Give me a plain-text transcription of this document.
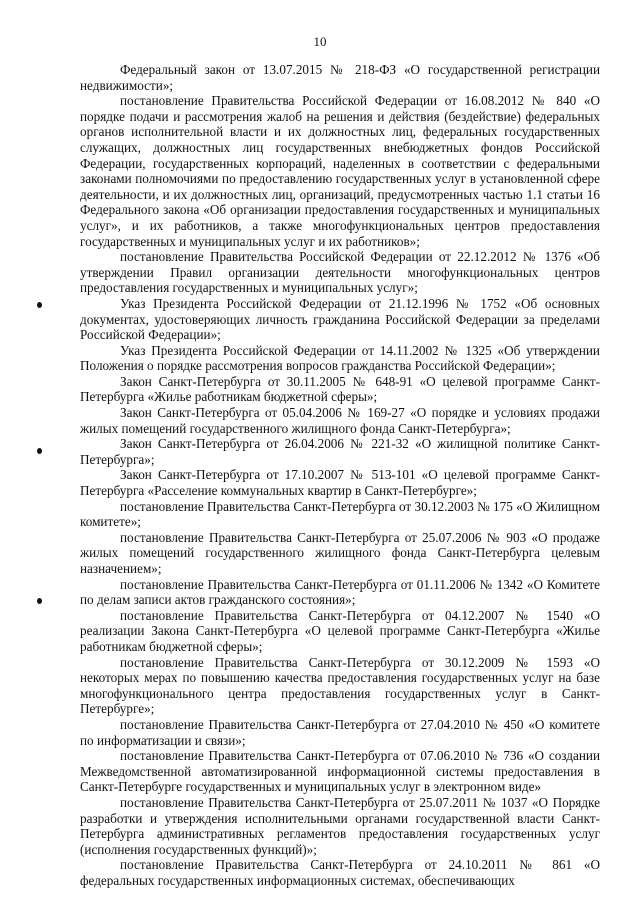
10

Федеральный закон от 13.07.2015 № 218-ФЗ «О государственной регистрации недвижимости»;

постановление Правительства Российской Федерации от 16.08.2012 № 840 «О порядке подачи и рассмотрения жалоб на решения и действия (бездействие) федеральных органов исполнительной власти и их должностных лиц, федеральных государственных служащих, должностных лиц государственных внебюджетных фондов Российской Федерации, государственных корпораций, наделенных в соответствии с федеральными законами полномочиями по предоставлению государственных услуг в установленной сфере деятельности, и их должностных лиц, организаций, предусмотренных частью 1.1 статьи 16 Федерального закона «Об организации предоставления государственных и муниципальных услуг», и их работников, а также многофункциональных центров предоставления государственных и муниципальных услуг и их работников»;

постановление Правительства Российской Федерации от 22.12.2012 № 1376 «Об утверждении Правил организации деятельности многофункциональных центров предоставления государственных и муниципальных услуг»;

Указ Президента Российской Федерации от 21.12.1996 № 1752 «Об основных документах, удостоверяющих личность гражданина Российской Федерации за пределами Российской Федерации»;

Указ Президента Российской Федерации от 14.11.2002 № 1325 «Об утверждении Положения о порядке рассмотрения вопросов гражданства Российской Федерации»;

Закон Санкт-Петербурга от 30.11.2005 № 648-91 «О целевой программе Санкт-Петербурга «Жилье работникам бюджетной сферы»;

Закон Санкт-Петербурга от 05.04.2006 № 169-27 «О порядке и условиях продажи жилых помещений государственного жилищного фонда Санкт-Петербурга»;

Закон Санкт-Петербурга от 26.04.2006 № 221-32 «О жилищной политике Санкт-Петербурга»;

Закон Санкт-Петербурга от 17.10.2007 № 513-101 «О целевой программе Санкт-Петербурга «Расселение коммунальных квартир в Санкт-Петербурге»;

постановление Правительства Санкт-Петербурга от 30.12.2003 № 175 «О Жилищном комитете»;

постановление Правительства Санкт-Петербурга от 25.07.2006 № 903 «О продаже жилых помещений государственного жилищного фонда Санкт-Петербурга целевым назначением»;

постановление Правительства Санкт-Петербурга от 01.11.2006 № 1342 «О Комитете по делам записи актов гражданского состояния»;

постановление Правительства Санкт-Петербурга от 04.12.2007 № 1540 «О реализации Закона Санкт-Петербурга «О целевой программе Санкт-Петербурга «Жилье работникам бюджетной сферы»;

постановление Правительства Санкт-Петербурга от 30.12.2009 № 1593 «О некоторых мерах по повышению качества предоставления государственных услуг на базе многофункционального центра предоставления государственных услуг в Санкт-Петербурге»;

постановление Правительства Санкт-Петербурга от 27.04.2010 № 450 «О комитете по информатизации и связи»;

постановление Правительства Санкт-Петербурга от 07.06.2010 № 736 «О создании Межведомственной автоматизированной информационной системы предоставления в Санкт-Петербурге государственных и муниципальных услуг в электронном виде»

постановление Правительства Санкт-Петербурга от 25.07.2011 № 1037 «О Порядке разработки и утверждения исполнительными органами государственной власти Санкт-Петербурга административных регламентов предоставления государственных услуг (исполнения государственных функций)»;

постановление Правительства Санкт-Петербурга от 24.10.2011 № 861 «О федеральных государственных информационных системах, обеспечивающих
